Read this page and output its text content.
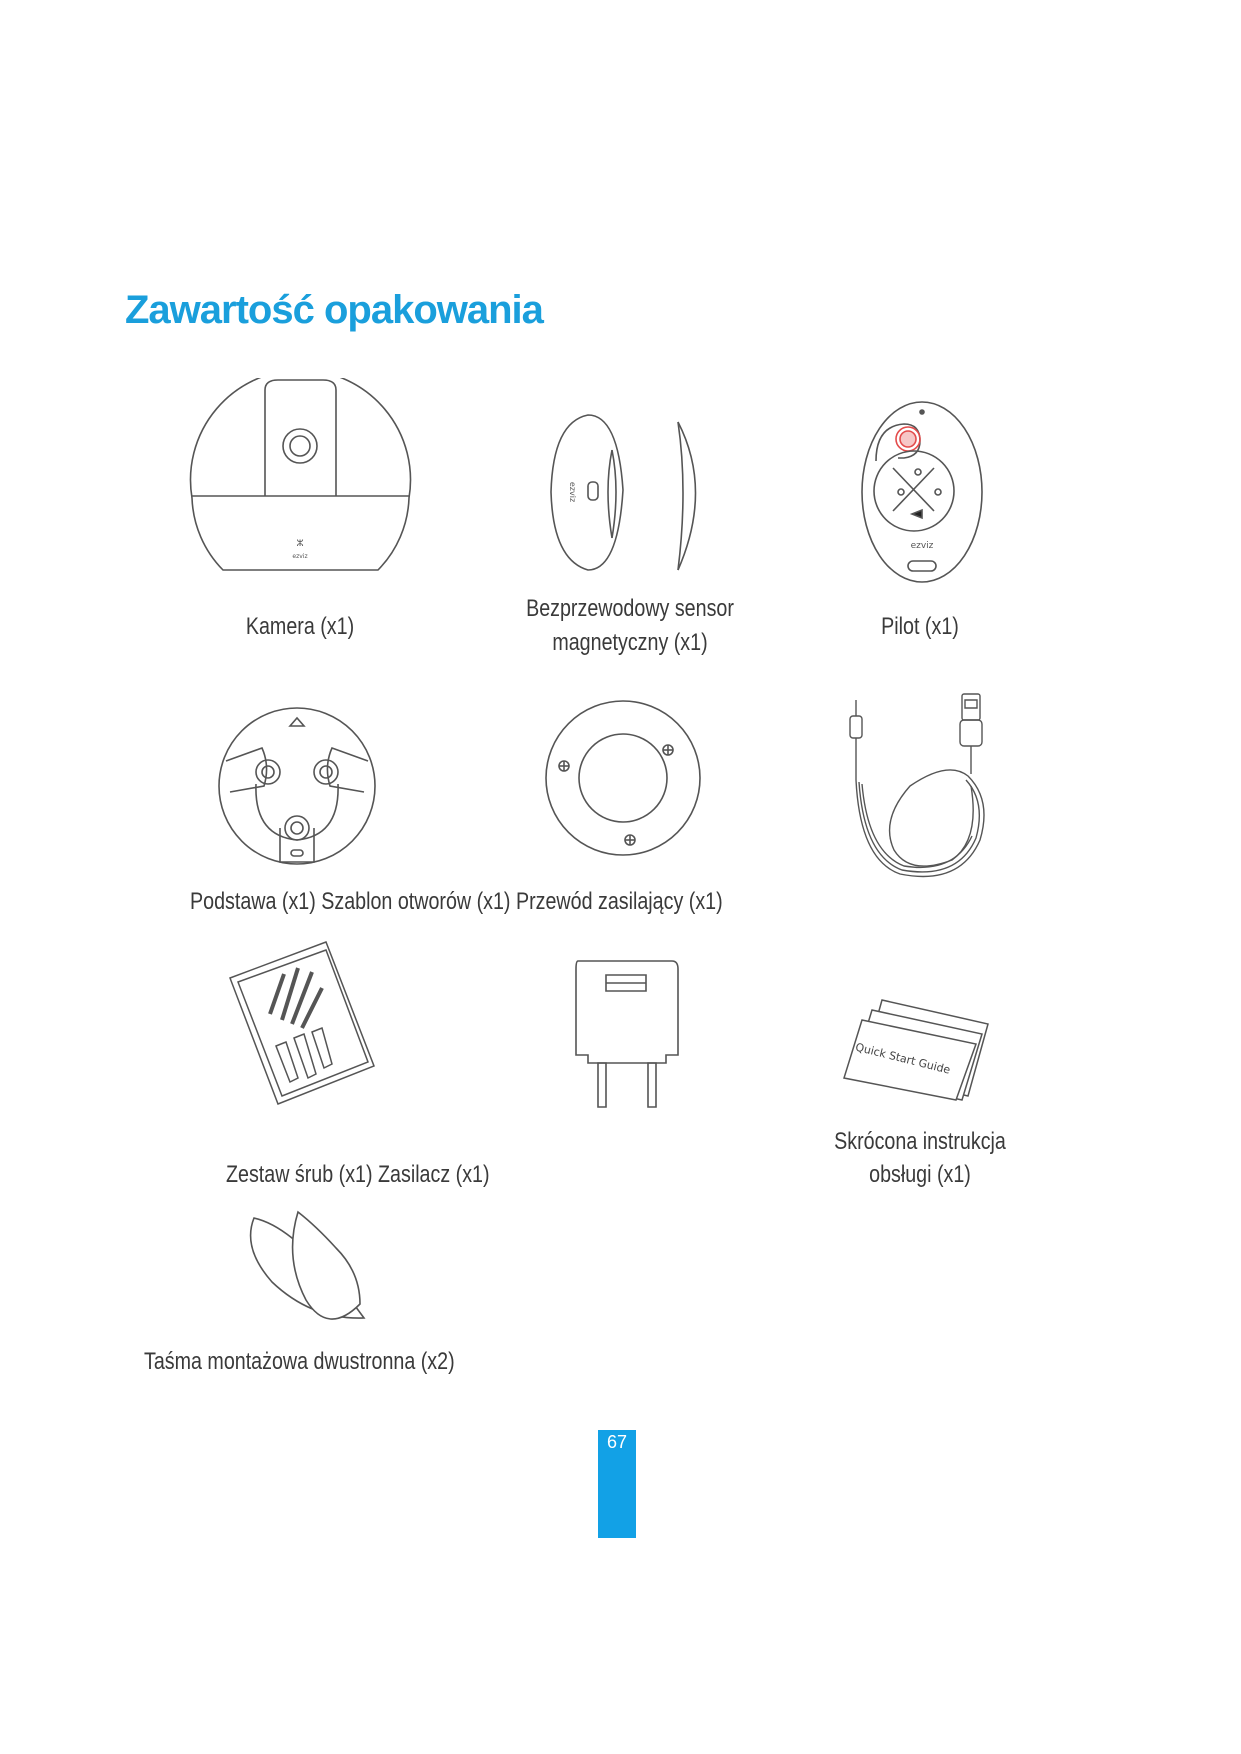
Zawartość opakowania
ⵣ
ezviz
Kamera (x1)
ezviz
Bezprzewodowy sensor
magnetyczny (x1)
ezviz
Pilot (x1)
Podstawa (x1) Szablon otworów (x1) Przewód zasilający (x1)
Zestaw śrub (x1) Zasilacz (x1)
Quick Start Guide
Skrócona instrukcja
obsługi (x1)
Taśma montażowa dwustronna (x2)
67
